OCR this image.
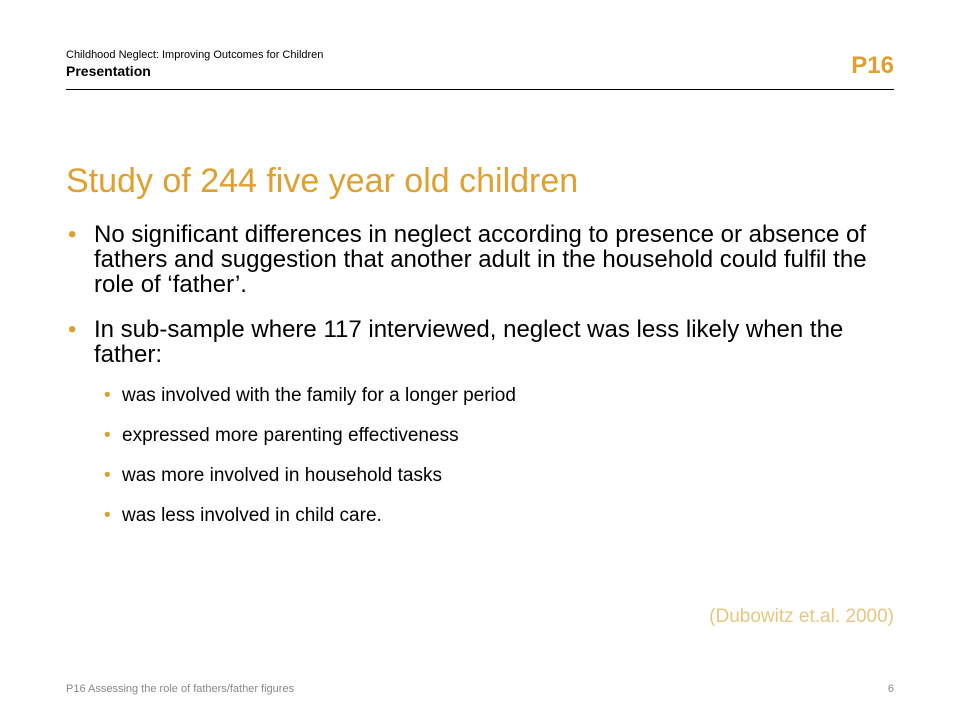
Childhood Neglect: Improving Outcomes for Children
Presentation	P16
Study of 244 five year old children
• No significant differences in neglect according to presence or absence of fathers and suggestion that another adult in the household could fulfil the role of ‘father’.
• In sub-sample where 117 interviewed, neglect was less likely when the father:
• was involved with the family for a longer period
• expressed more parenting effectiveness
• was more involved in household tasks
• was less involved in child care.
(Dubowitz et.al. 2000)
P16 Assessing the role of fathers/father figures	6
